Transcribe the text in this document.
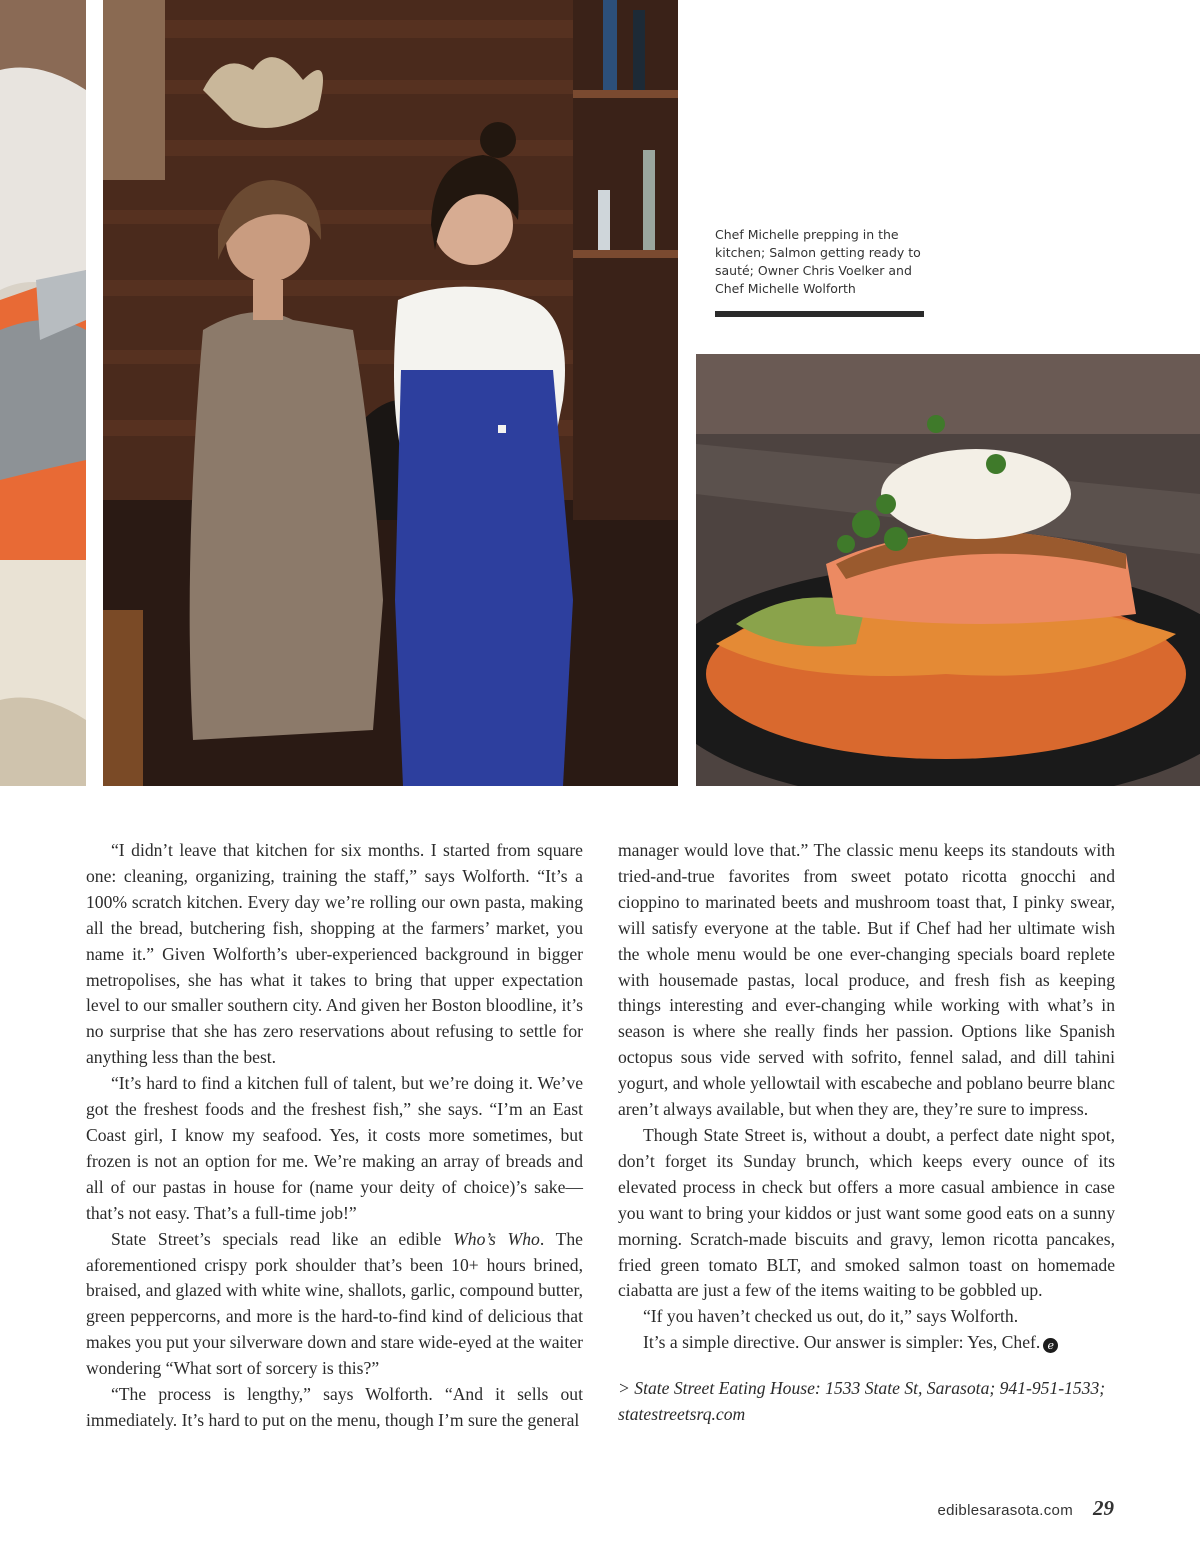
Chef Michelle prepping in the kitchen; Salmon getting ready to sauté; Owner Chris Voelker and Chef Michelle Wolforth

“I didn’t leave that kitchen for six months. I started from square one: cleaning, organizing, training the staff,” says Wolforth. “It’s a 100% scratch kitchen. Every day we’re rolling our own pasta, making all the bread, butchering fish, shopping at the farmers’ market, you name it.” Given Wolforth’s uber-experienced background in bigger metropolises, she has what it takes to bring that upper expectation level to our smaller southern city. And given her Boston bloodline, it’s no surprise that she has zero reservations about refusing to settle for anything less than the best.

“It’s hard to find a kitchen full of talent, but we’re doing it. We’ve got the freshest foods and the freshest fish,” she says. “I’m an East Coast girl, I know my seafood. Yes, it costs more sometimes, but frozen is not an option for me. We’re making an array of breads and all of our pastas in house for (name your deity of choice)’s sake—that’s not easy. That’s a full-time job!”

State Street’s specials read like an edible Who’s Who. The aforementioned crispy pork shoulder that’s been 10+ hours brined, braised, and glazed with white wine, shallots, garlic, compound butter, green peppercorns, and more is the hard-to-find kind of delicious that makes you put your silverware down and stare wide-eyed at the waiter wondering “What sort of sorcery is this?”

“The process is lengthy,” says Wolforth. “And it sells out immediately. It’s hard to put on the menu, though I’m sure the general

manager would love that.” The classic menu keeps its standouts with tried-and-true favorites from sweet potato ricotta gnocchi and cioppino to marinated beets and mushroom toast that, I pinky swear, will satisfy everyone at the table. But if Chef had her ultimate wish the whole menu would be one ever-changing specials board replete with housemade pastas, local produce, and fresh fish as keeping things interesting and ever-changing while working with what’s in season is where she really finds her passion. Options like Spanish octopus sous vide served with sofrito, fennel salad, and dill tahini yogurt, and whole yellowtail with escabeche and poblano beurre blanc aren’t always available, but when they are, they’re sure to impress.

Though State Street is, without a doubt, a perfect date night spot, don’t forget its Sunday brunch, which keeps every ounce of its elevated process in check but offers a more casual ambience in case you want to bring your kiddos or just want some good eats on a sunny morning. Scratch-made biscuits and gravy, lemon ricotta pancakes, fried green tomato BLT, and smoked salmon toast on homemade ciabatta are just a few of the items waiting to be gobbled up.

“If you haven’t checked us out, do it,” says Wolforth.

It’s a simple directive. Our answer is simpler: Yes, Chef. e

> State Street Eating House: 1533 State St, Sarasota; 941-951-1533; statestreetsrq.com

ediblesarasota.com 29
